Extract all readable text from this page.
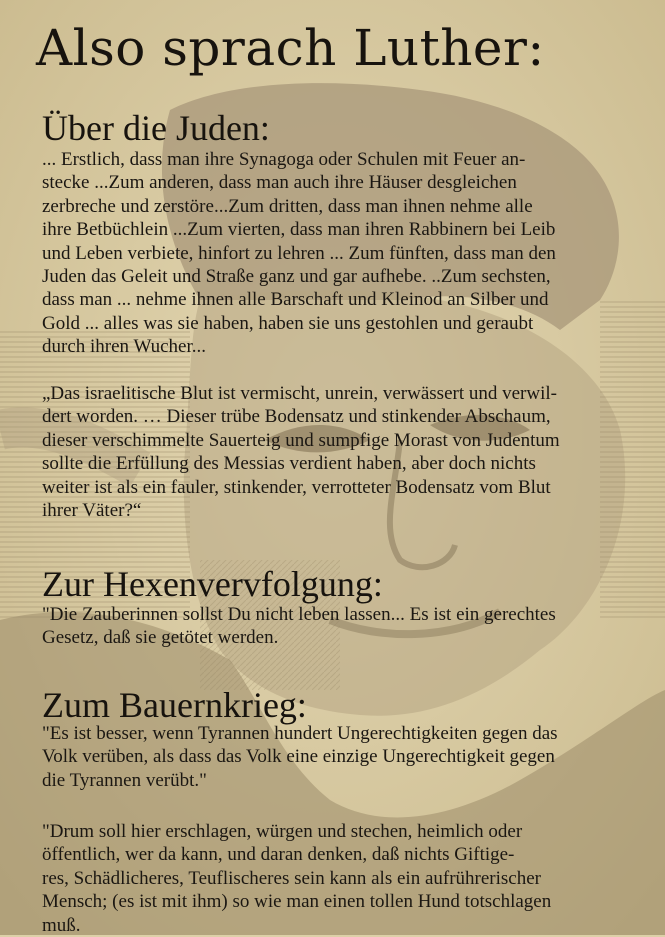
Also sprach Luther:
Über die Juden:
... Erstlich, dass man ihre Synagoga oder Schulen mit Feuer an-
stecke ...Zum anderen, dass man auch ihre Häuser desgleichen
zerbreche und zerstöre...Zum dritten, dass man ihnen nehme alle
ihre Betbüchlein ...Zum vierten, dass man ihren Rabbinern bei Leib
und Leben verbiete, hinfort zu lehren ... Zum fünften, dass man den
Juden das Geleit und Straße ganz und gar aufhebe. ..Zum sechsten,
dass man ... nehme ihnen alle Barschaft und Kleinod an Silber und
Gold ... alles was sie haben, haben sie uns gestohlen und geraubt
durch ihren Wucher...
„Das israelitische Blut ist vermischt, unrein, verwässert und verwil-
dert worden. … Dieser trübe Bodensatz und stinkender Abschaum,
dieser verschimmelte Sauerteig und sumpfige Morast von Judentum
sollte die Erfüllung des Messias verdient haben, aber doch nichts
weiter ist als ein fauler, stinkender, verrotteter Bodensatz vom Blut
ihrer Väter?“
Zur Hexenvervfolgung:
"Die Zauberinnen sollst Du nicht leben lassen... Es ist ein gerechtes
Gesetz, daß sie getötet werden.
Zum Bauernkrieg:
"Es ist besser, wenn Tyrannen hundert Ungerechtigkeiten gegen das
Volk verüben, als dass das Volk eine einzige Ungerechtigkeit gegen
die Tyrannen verübt."
"Drum soll hier erschlagen, würgen und stechen, heimlich oder
öffentlich, wer da kann, und daran denken, daß nichts Giftige-
res, Schädlicheres, Teuflischeres sein kann als ein aufrührerischer
Mensch; (es ist mit ihm) so wie man einen tollen Hund totschlagen
muß.
